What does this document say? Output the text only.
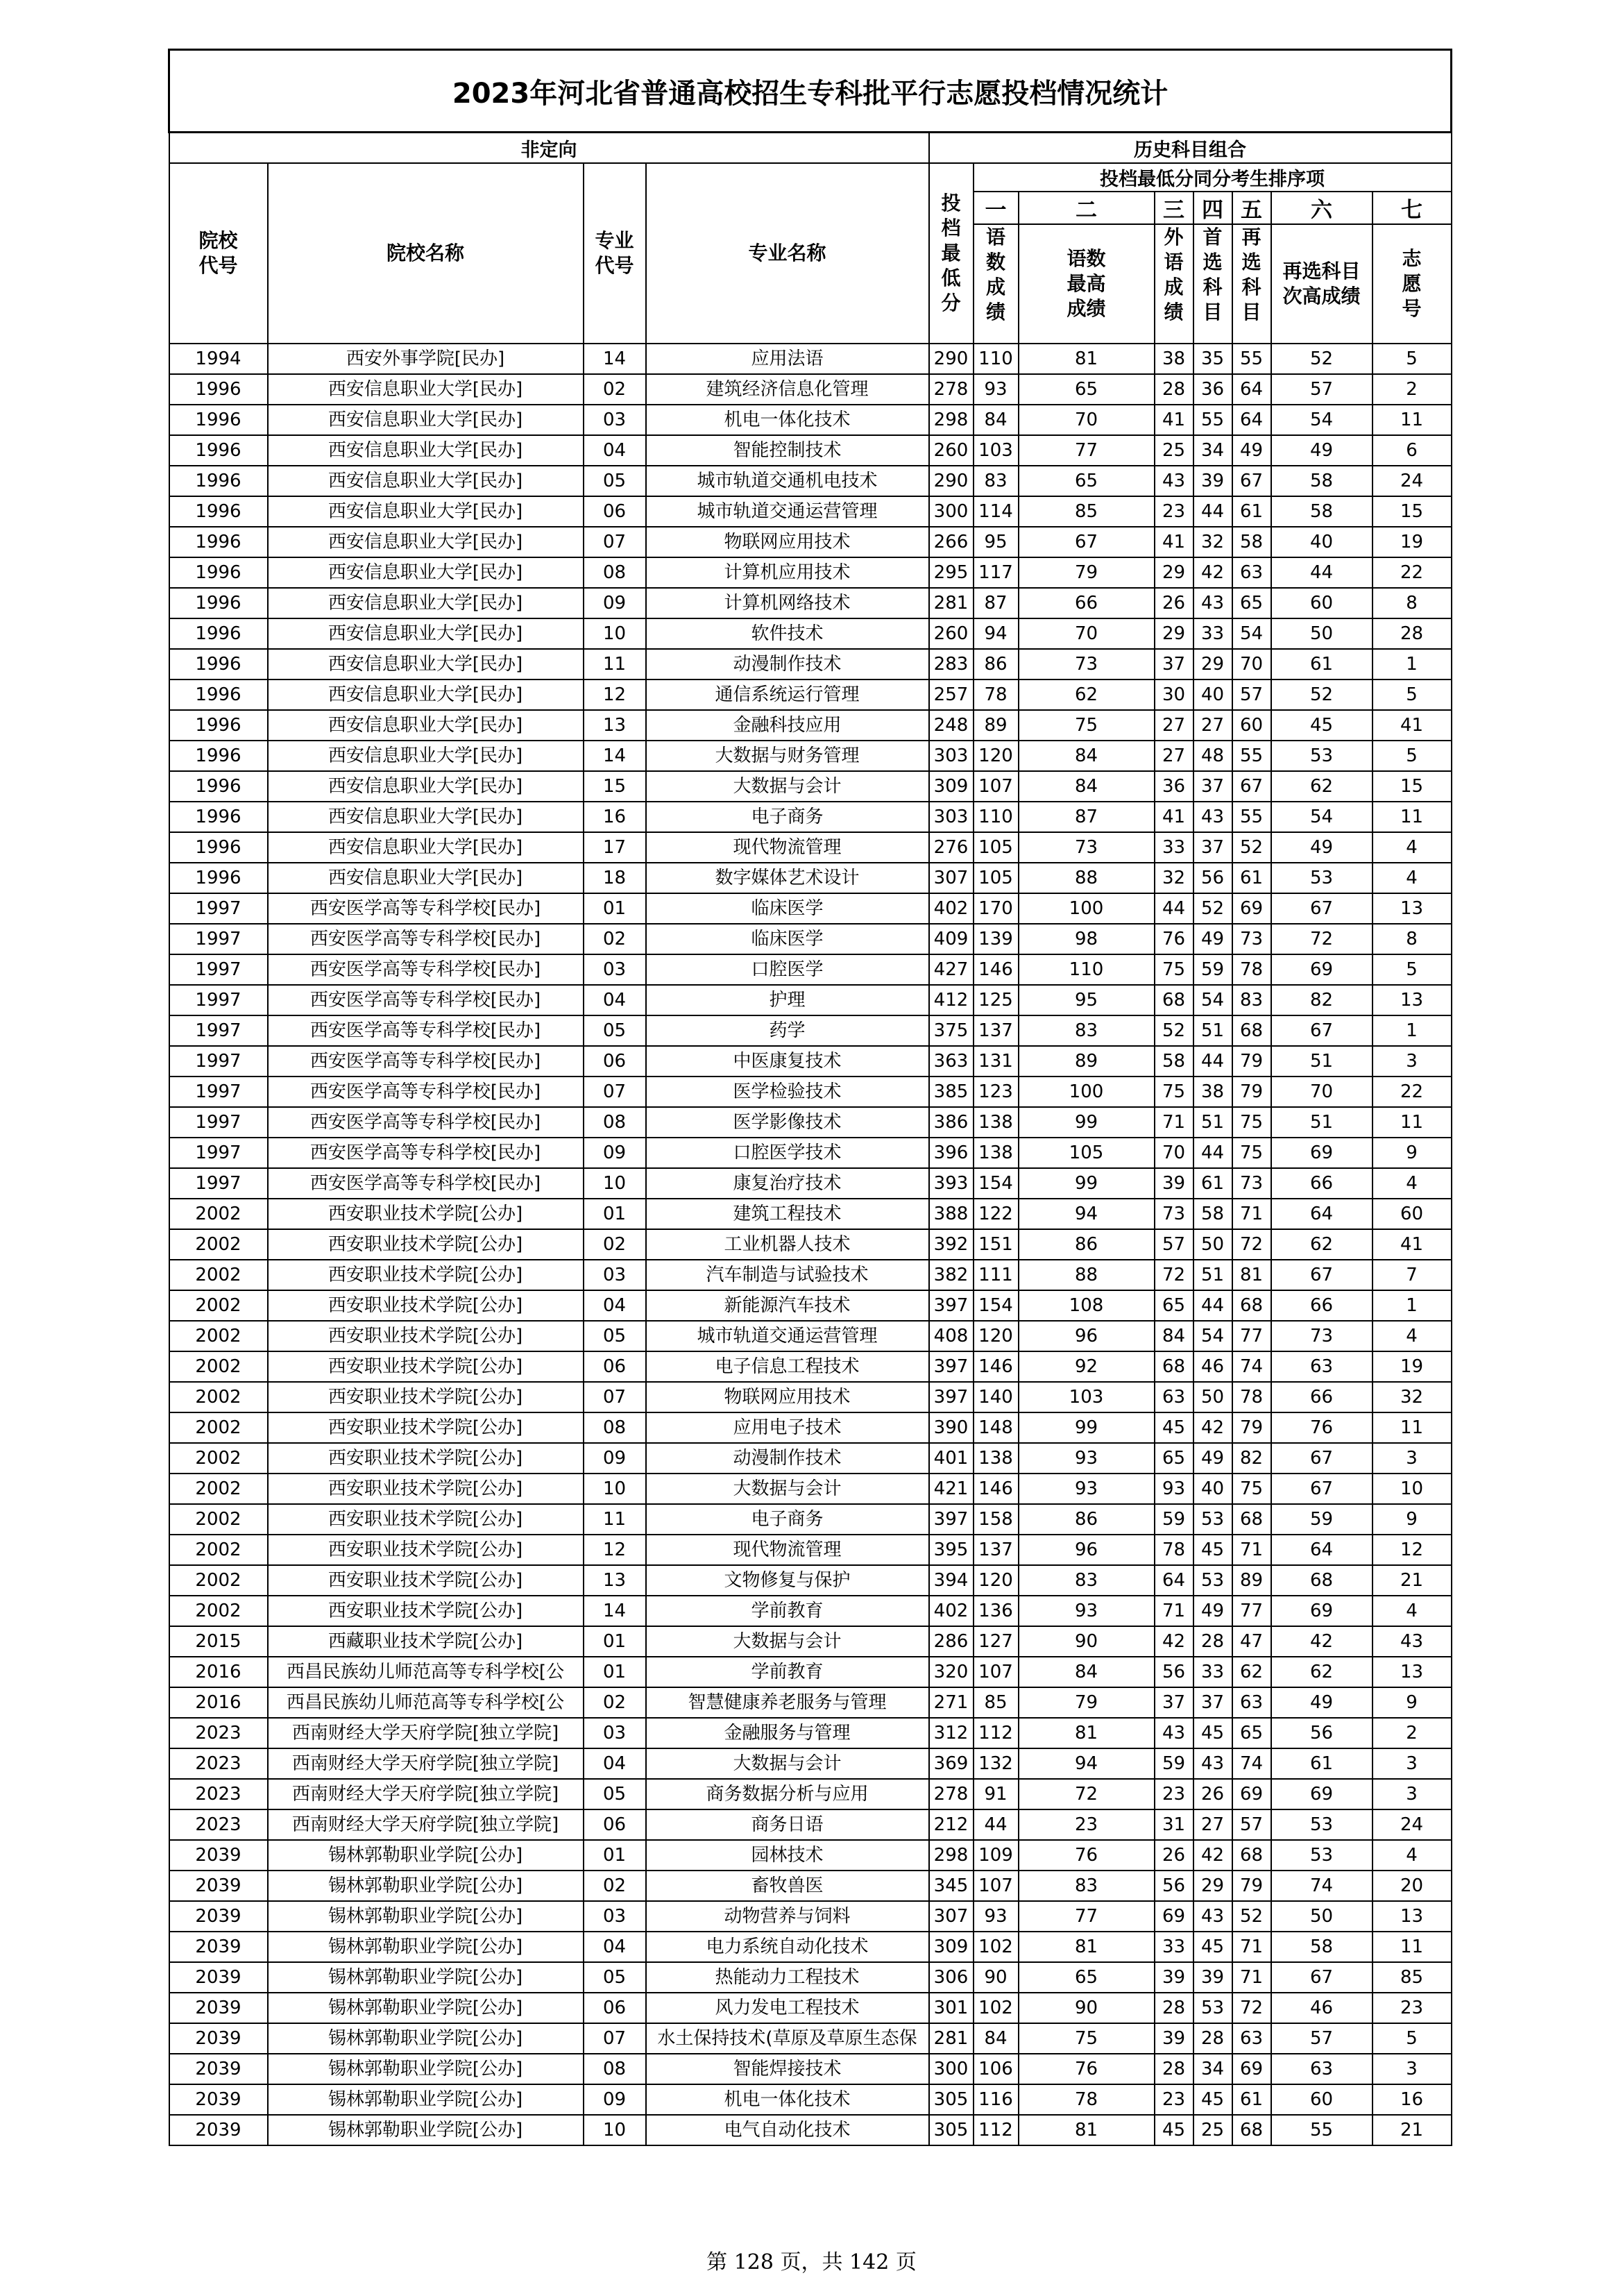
2023年河北省普通高校招生专科批平行志愿投档情况统计											
非定向				历史科目组合							
院校代号	院校名称	专业代号	专业名称	投档最低分	投档最低分同分考生排序项						
					一	二	三	四	五	六	七
					语数成绩	语数最高成绩	外语成绩	首选科目	再选科目	再选科目次高成绩	志愿号
1994	西安外事学院[民办]	14	应用法语	290	110	81	38	35	55	52	5
1996	西安信息职业大学[民办]	02	建筑经济信息化管理	278	93	65	28	36	64	57	2
1996	西安信息职业大学[民办]	03	机电一体化技术	298	84	70	41	55	64	54	11
1996	西安信息职业大学[民办]	04	智能控制技术	260	103	77	25	34	49	49	6
1996	西安信息职业大学[民办]	05	城市轨道交通机电技术	290	83	65	43	39	67	58	24
1996	西安信息职业大学[民办]	06	城市轨道交通运营管理	300	114	85	23	44	61	58	15
1996	西安信息职业大学[民办]	07	物联网应用技术	266	95	67	41	32	58	40	19
1996	西安信息职业大学[民办]	08	计算机应用技术	295	117	79	29	42	63	44	22
1996	西安信息职业大学[民办]	09	计算机网络技术	281	87	66	26	43	65	60	8
1996	西安信息职业大学[民办]	10	软件技术	260	94	70	29	33	54	50	28
1996	西安信息职业大学[民办]	11	动漫制作技术	283	86	73	37	29	70	61	1
1996	西安信息职业大学[民办]	12	通信系统运行管理	257	78	62	30	40	57	52	5
1996	西安信息职业大学[民办]	13	金融科技应用	248	89	75	27	27	60	45	41
1996	西安信息职业大学[民办]	14	大数据与财务管理	303	120	84	27	48	55	53	5
1996	西安信息职业大学[民办]	15	大数据与会计	309	107	84	36	37	67	62	15
1996	西安信息职业大学[民办]	16	电子商务	303	110	87	41	43	55	54	11
1996	西安信息职业大学[民办]	17	现代物流管理	276	105	73	33	37	52	49	4
1996	西安信息职业大学[民办]	18	数字媒体艺术设计	307	105	88	32	56	61	53	4
1997	西安医学高等专科学校[民办]	01	临床医学	402	170	100	44	52	69	67	13
1997	西安医学高等专科学校[民办]	02	临床医学	409	139	98	76	49	73	72	8
1997	西安医学高等专科学校[民办]	03	口腔医学	427	146	110	75	59	78	69	5
1997	西安医学高等专科学校[民办]	04	护理	412	125	95	68	54	83	82	13
1997	西安医学高等专科学校[民办]	05	药学	375	137	83	52	51	68	67	1
1997	西安医学高等专科学校[民办]	06	中医康复技术	363	131	89	58	44	79	51	3
1997	西安医学高等专科学校[民办]	07	医学检验技术	385	123	100	75	38	79	70	22
1997	西安医学高等专科学校[民办]	08	医学影像技术	386	138	99	71	51	75	51	11
1997	西安医学高等专科学校[民办]	09	口腔医学技术	396	138	105	70	44	75	69	9
1997	西安医学高等专科学校[民办]	10	康复治疗技术	393	154	99	39	61	73	66	4
2002	西安职业技术学院[公办]	01	建筑工程技术	388	122	94	73	58	71	64	60
2002	西安职业技术学院[公办]	02	工业机器人技术	392	151	86	57	50	72	62	41
2002	西安职业技术学院[公办]	03	汽车制造与试验技术	382	111	88	72	51	81	67	7
2002	西安职业技术学院[公办]	04	新能源汽车技术	397	154	108	65	44	68	66	1
2002	西安职业技术学院[公办]	05	城市轨道交通运营管理	408	120	96	84	54	77	73	4
2002	西安职业技术学院[公办]	06	电子信息工程技术	397	146	92	68	46	74	63	19
2002	西安职业技术学院[公办]	07	物联网应用技术	397	140	103	63	50	78	66	32
2002	西安职业技术学院[公办]	08	应用电子技术	390	148	99	45	42	79	76	11
2002	西安职业技术学院[公办]	09	动漫制作技术	401	138	93	65	49	82	67	3
2002	西安职业技术学院[公办]	10	大数据与会计	421	146	93	93	40	75	67	10
2002	西安职业技术学院[公办]	11	电子商务	397	158	86	59	53	68	59	9
2002	西安职业技术学院[公办]	12	现代物流管理	395	137	96	78	45	71	64	12
2002	西安职业技术学院[公办]	13	文物修复与保护	394	120	83	64	53	89	68	21
2002	西安职业技术学院[公办]	14	学前教育	402	136	93	71	49	77	69	4
2015	西藏职业技术学院[公办]	01	大数据与会计	286	127	90	42	28	47	42	43
2016	西昌民族幼儿师范高等专科学校[公	01	学前教育	320	107	84	56	33	62	62	13
2016	西昌民族幼儿师范高等专科学校[公	02	智慧健康养老服务与管理	271	85	79	37	37	63	49	9
2023	西南财经大学天府学院[独立学院]	03	金融服务与管理	312	112	81	43	45	65	56	2
2023	西南财经大学天府学院[独立学院]	04	大数据与会计	369	132	94	59	43	74	61	3
2023	西南财经大学天府学院[独立学院]	05	商务数据分析与应用	278	91	72	23	26	69	69	3
2023	西南财经大学天府学院[独立学院]	06	商务日语	212	44	23	31	27	57	53	24
2039	锡林郭勒职业学院[公办]	01	园林技术	298	109	76	26	42	68	53	4
2039	锡林郭勒职业学院[公办]	02	畜牧兽医	345	107	83	56	29	79	74	20
2039	锡林郭勒职业学院[公办]	03	动物营养与饲料	307	93	77	69	43	52	50	13
2039	锡林郭勒职业学院[公办]	04	电力系统自动化技术	309	102	81	33	45	71	58	11
2039	锡林郭勒职业学院[公办]	05	热能动力工程技术	306	90	65	39	39	71	67	85
2039	锡林郭勒职业学院[公办]	06	风力发电工程技术	301	102	90	28	53	72	46	23
2039	锡林郭勒职业学院[公办]	07	水土保持技术(草原及草原生态保	281	84	75	39	28	63	57	5
2039	锡林郭勒职业学院[公办]	08	智能焊接技术	300	106	76	28	34	69	63	3
2039	锡林郭勒职业学院[公办]	09	机电一体化技术	305	116	78	23	45	61	60	16
2039	锡林郭勒职业学院[公办]	10	电气自动化技术	305	112	81	45	25	68	55	21
第 128 页，共 142 页
